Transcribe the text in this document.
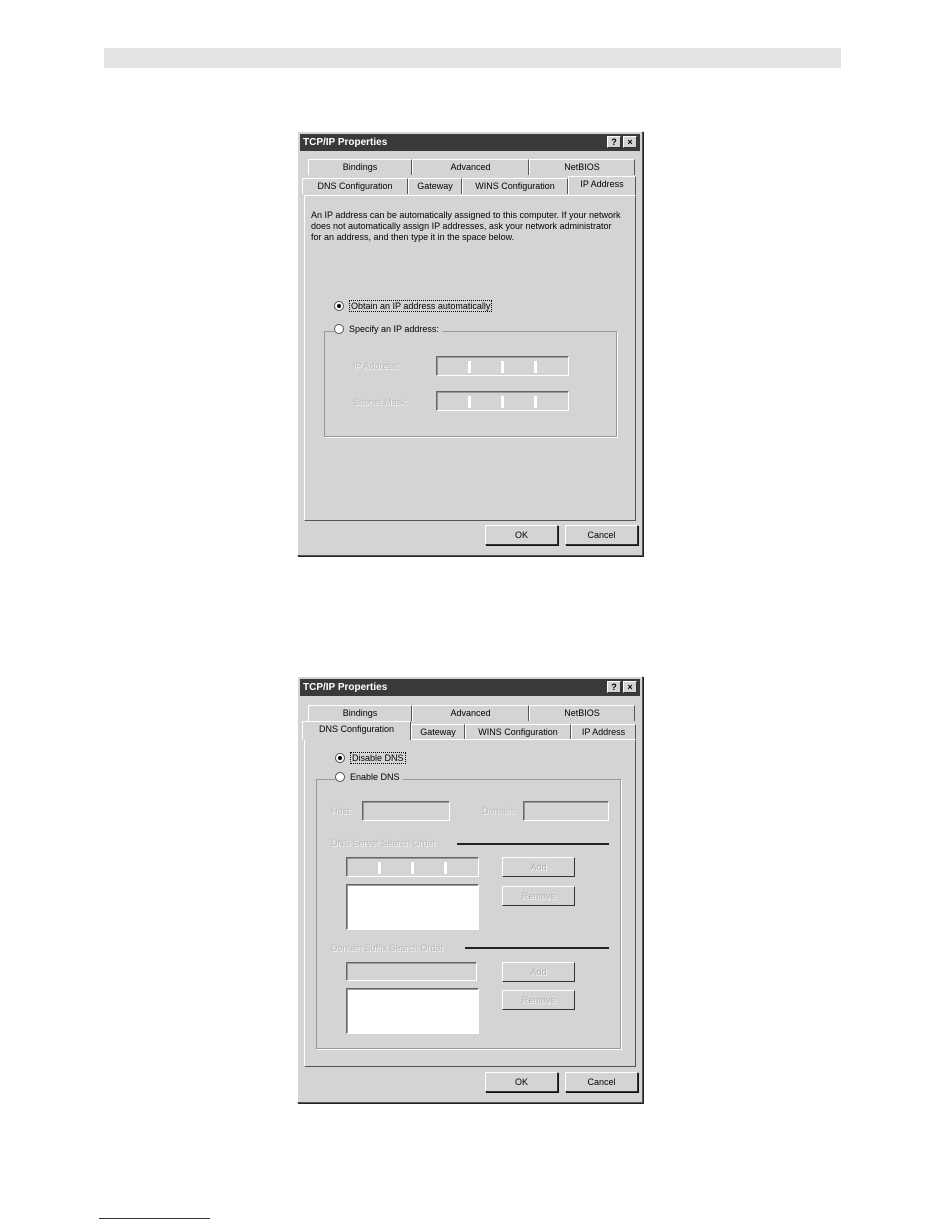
TCP/IP Properties	?	×
Bindings	Advanced	NetBIOS
DNS Configuration	Gateway	WINS Configuration	IP Address
An IP address can be automatically assigned to this computer. If your network does not automatically assign IP addresses, ask your network administrator for an address, and then type it in the space below.
Obtain an IP address automatically
Specify an IP address:
IP Address:
Subnet Mask:
OK	Cancel
TCP/IP Properties	?	×
Bindings	Advanced	NetBIOS
DNS Configuration	Gateway	WINS Configuration	IP Address
Disable DNS
Enable DNS
Host:	Domain:
DNS Server Search Order
Add
Remove
Domain Suffix Search Order
Add
Remove
OK	Cancel
